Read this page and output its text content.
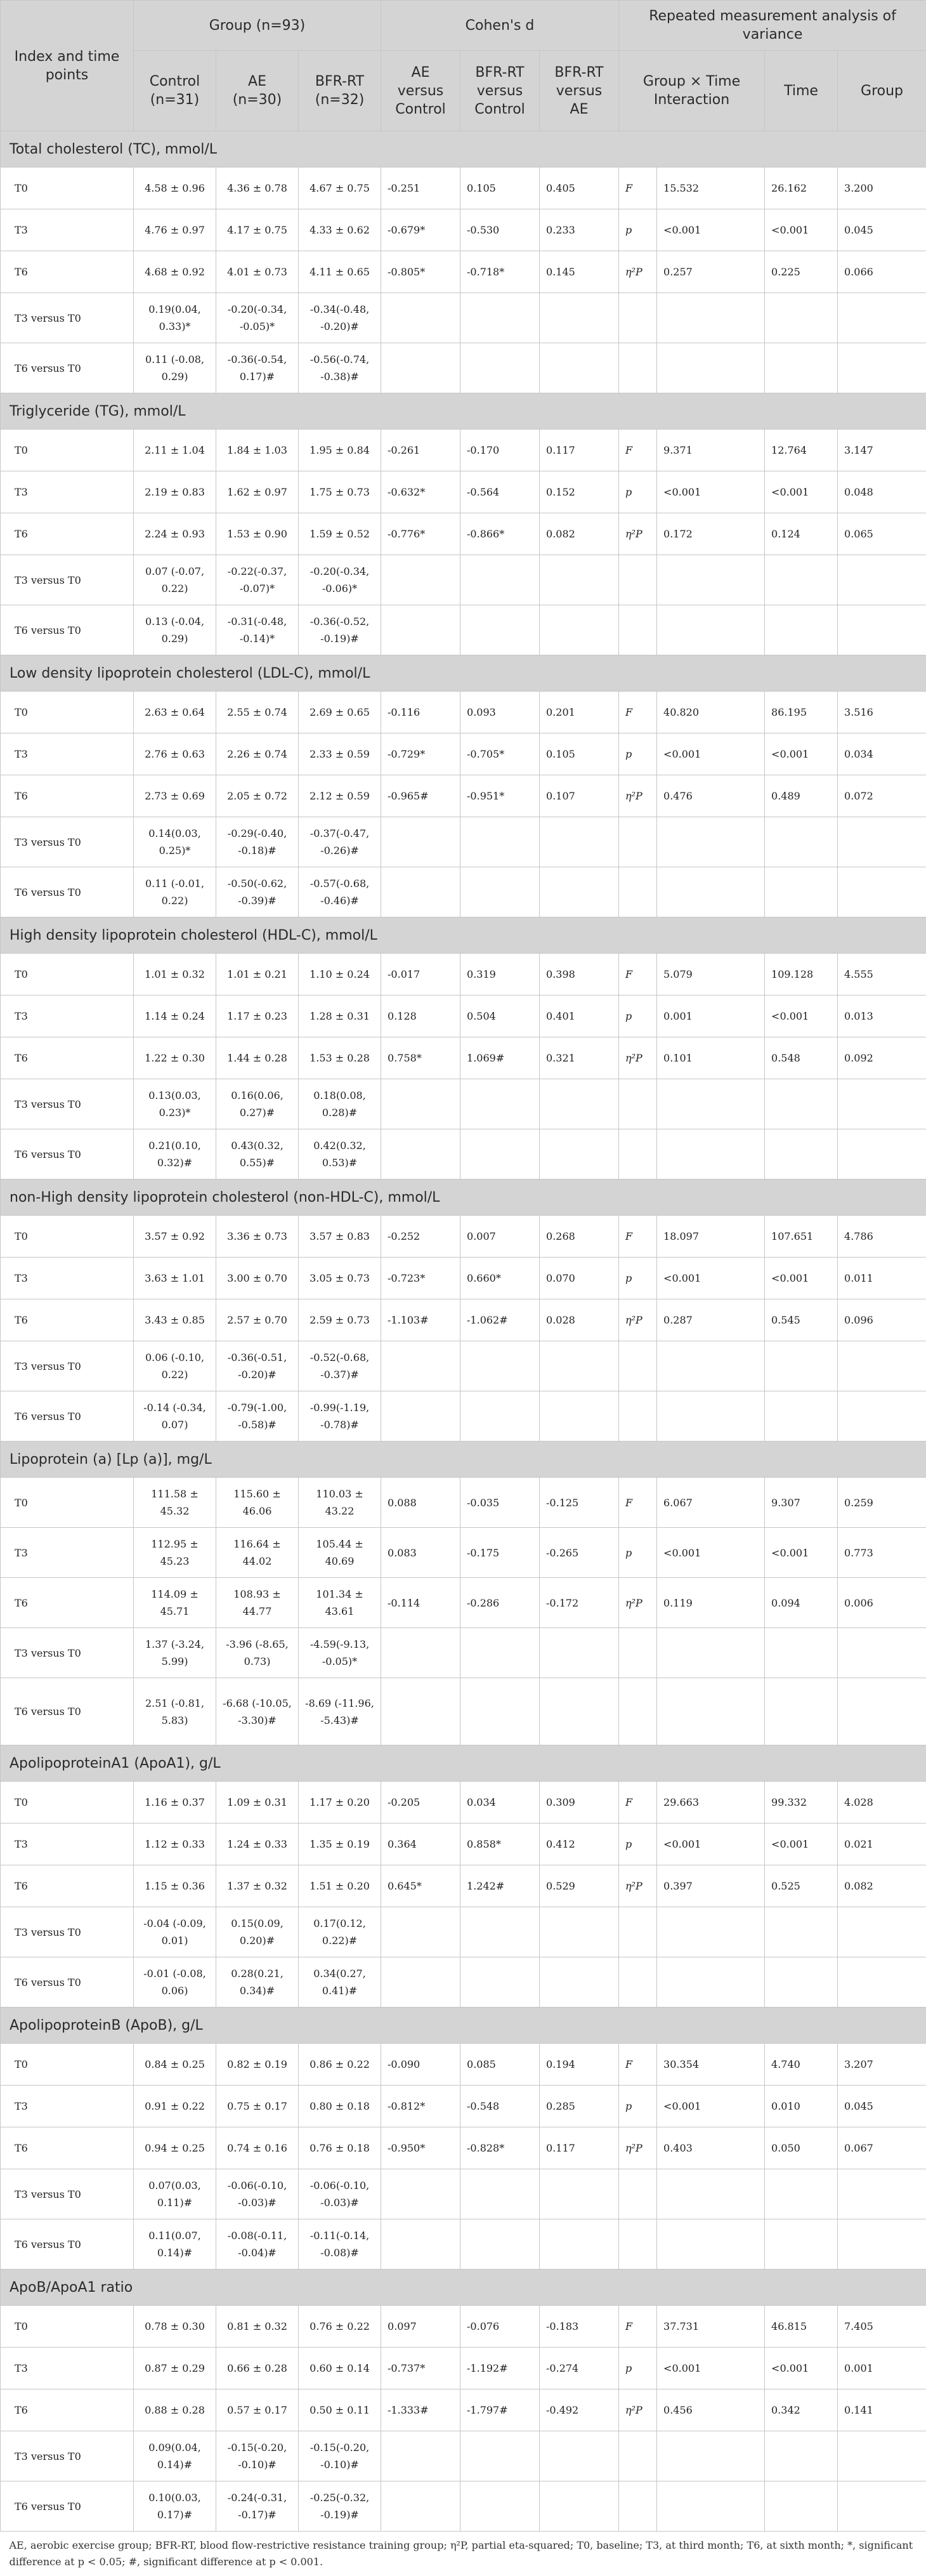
Index and time points	Group (n=93)			Cohen's d			Repeated measurement analysis of variance			
	Control (n=31)	AE (n=30)	BFR-RT (n=32)	AE versus Control	BFR-RT versus Control	BFR-RT versus AE	Group × Time Interaction		Time	Group
Total cholesterol (TC), mmol/L										
T0	4.58 ± 0.96	4.36 ± 0.78	4.67 ± 0.75	-0.251	0.105	0.405	F	15.532	26.162	3.200
T3	4.76 ± 0.97	4.17 ± 0.75	4.33 ± 0.62	-0.679*	-0.530	0.233	p	<0.001	<0.001	0.045
T6	4.68 ± 0.92	4.01 ± 0.73	4.11 ± 0.65	-0.805*	-0.718*	0.145	η²P	0.257	0.225	0.066
T3 versus T0	0.19(0.04, 0.33)*	-0.20(-0.34, -0.05)*	-0.34(-0.48, -0.20)#							
T6 versus T0	0.11 (-0.08, 0.29)	-0.36(-0.54, 0.17)#	-0.56(-0.74, -0.38)#							
Triglyceride (TG), mmol/L										
T0	2.11 ± 1.04	1.84 ± 1.03	1.95 ± 0.84	-0.261	-0.170	0.117	F	9.371	12.764	3.147
T3	2.19 ± 0.83	1.62 ± 0.97	1.75 ± 0.73	-0.632*	-0.564	0.152	p	<0.001	<0.001	0.048
T6	2.24 ± 0.93	1.53 ± 0.90	1.59 ± 0.52	-0.776*	-0.866*	0.082	η²P	0.172	0.124	0.065
T3 versus T0	0.07 (-0.07, 0.22)	-0.22(-0.37, -0.07)*	-0.20(-0.34, -0.06)*							
T6 versus T0	0.13 (-0.04, 0.29)	-0.31(-0.48, -0.14)*	-0.36(-0.52, -0.19)#							
Low density lipoprotein cholesterol (LDL-C), mmol/L										
T0	2.63 ± 0.64	2.55 ± 0.74	2.69 ± 0.65	-0.116	0.093	0.201	F	40.820	86.195	3.516
T3	2.76 ± 0.63	2.26 ± 0.74	2.33 ± 0.59	-0.729*	-0.705*	0.105	p	<0.001	<0.001	0.034
T6	2.73 ± 0.69	2.05 ± 0.72	2.12 ± 0.59	-0.965#	-0.951*	0.107	η²P	0.476	0.489	0.072
T3 versus T0	0.14(0.03, 0.25)*	-0.29(-0.40, -0.18)#	-0.37(-0.47, -0.26)#							
T6 versus T0	0.11 (-0.01, 0.22)	-0.50(-0.62, -0.39)#	-0.57(-0.68, -0.46)#							
High density lipoprotein cholesterol (HDL-C), mmol/L										
T0	1.01 ± 0.32	1.01 ± 0.21	1.10 ± 0.24	-0.017	0.319	0.398	F	5.079	109.128	4.555
T3	1.14 ± 0.24	1.17 ± 0.23	1.28 ± 0.31	0.128	0.504	0.401	p	0.001	<0.001	0.013
T6	1.22 ± 0.30	1.44 ± 0.28	1.53 ± 0.28	0.758*	1.069#	0.321	η²P	0.101	0.548	0.092
T3 versus T0	0.13(0.03, 0.23)*	0.16(0.06, 0.27)#	0.18(0.08, 0.28)#							
T6 versus T0	0.21(0.10, 0.32)#	0.43(0.32, 0.55)#	0.42(0.32, 0.53)#							
non-High density lipoprotein cholesterol (non-HDL-C), mmol/L										
T0	3.57 ± 0.92	3.36 ± 0.73	3.57 ± 0.83	-0.252	0.007	0.268	F	18.097	107.651	4.786
T3	3.63 ± 1.01	3.00 ± 0.70	3.05 ± 0.73	-0.723*	0.660*	0.070	p	<0.001	<0.001	0.011
T6	3.43 ± 0.85	2.57 ± 0.70	2.59 ± 0.73	-1.103#	-1.062#	0.028	η²P	0.287	0.545	0.096
T3 versus T0	0.06 (-0.10, 0.22)	-0.36(-0.51, -0.20)#	-0.52(-0.68, -0.37)#							
T6 versus T0	-0.14 (-0.34, 0.07)	-0.79(-1.00, -0.58)#	-0.99(-1.19, -0.78)#							
Lipoprotein (a) [Lp (a)], mg/L										
T0	111.58 ± 45.32	115.60 ± 46.06	110.03 ± 43.22	0.088	-0.035	-0.125	F	6.067	9.307	0.259
T3	112.95 ± 45.23	116.64 ± 44.02	105.44 ± 40.69	0.083	-0.175	-0.265	p	<0.001	<0.001	0.773
T6	114.09 ± 45.71	108.93 ± 44.77	101.34 ± 43.61	-0.114	-0.286	-0.172	η²P	0.119	0.094	0.006
T3 versus T0	1.37 (-3.24, 5.99)	-3.96 (-8.65, 0.73)	-4.59(-9.13, -0.05)*							
T6 versus T0	2.51 (-0.81, 5.83)	-6.68 (-10.05, -3.30)#	-8.69 (-11.96, -5.43)#							
ApolipoproteinA1 (ApoA1), g/L										
T0	1.16 ± 0.37	1.09 ± 0.31	1.17 ± 0.20	-0.205	0.034	0.309	F	29.663	99.332	4.028
T3	1.12 ± 0.33	1.24 ± 0.33	1.35 ± 0.19	0.364	0.858*	0.412	p	<0.001	<0.001	0.021
T6	1.15 ± 0.36	1.37 ± 0.32	1.51 ± 0.20	0.645*	1.242#	0.529	η²P	0.397	0.525	0.082
T3 versus T0	-0.04 (-0.09, 0.01)	0.15(0.09, 0.20)#	0.17(0.12, 0.22)#							
T6 versus T0	-0.01 (-0.08, 0.06)	0.28(0.21, 0.34)#	0.34(0.27, 0.41)#							
ApolipoproteinB (ApoB), g/L										
T0	0.84 ± 0.25	0.82 ± 0.19	0.86 ± 0.22	-0.090	0.085	0.194	F	30.354	4.740	3.207
T3	0.91 ± 0.22	0.75 ± 0.17	0.80 ± 0.18	-0.812*	-0.548	0.285	p	<0.001	0.010	0.045
T6	0.94 ± 0.25	0.74 ± 0.16	0.76 ± 0.18	-0.950*	-0.828*	0.117	η²P	0.403	0.050	0.067
T3 versus T0	0.07(0.03, 0.11)#	-0.06(-0.10, -0.03)#	-0.06(-0.10, -0.03)#							
T6 versus T0	0.11(0.07, 0.14)#	-0.08(-0.11, -0.04)#	-0.11(-0.14, -0.08)#							
ApoB/ApoA1 ratio										
T0	0.78 ± 0.30	0.81 ± 0.32	0.76 ± 0.22	0.097	-0.076	-0.183	F	37.731	46.815	7.405
T3	0.87 ± 0.29	0.66 ± 0.28	0.60 ± 0.14	-0.737*	-1.192#	-0.274	p	<0.001	<0.001	0.001
T6	0.88 ± 0.28	0.57 ± 0.17	0.50 ± 0.11	-1.333#	-1.797#	-0.492	η²P	0.456	0.342	0.141
T3 versus T0	0.09(0.04, 0.14)#	-0.15(-0.20, -0.10)#	-0.15(-0.20, -0.10)#							
T6 versus T0	0.10(0.03, 0.17)#	-0.24(-0.31, -0.17)#	-0.25(-0.32, -0.19)#							
AE, aerobic exercise group; BFR-RT, blood flow-restrictive resistance training group; η²P, partial eta-squared; T0, baseline; T3, at third month; T6, at sixth month; *, significant difference at p < 0.05; #, significant difference at p < 0.001.										
